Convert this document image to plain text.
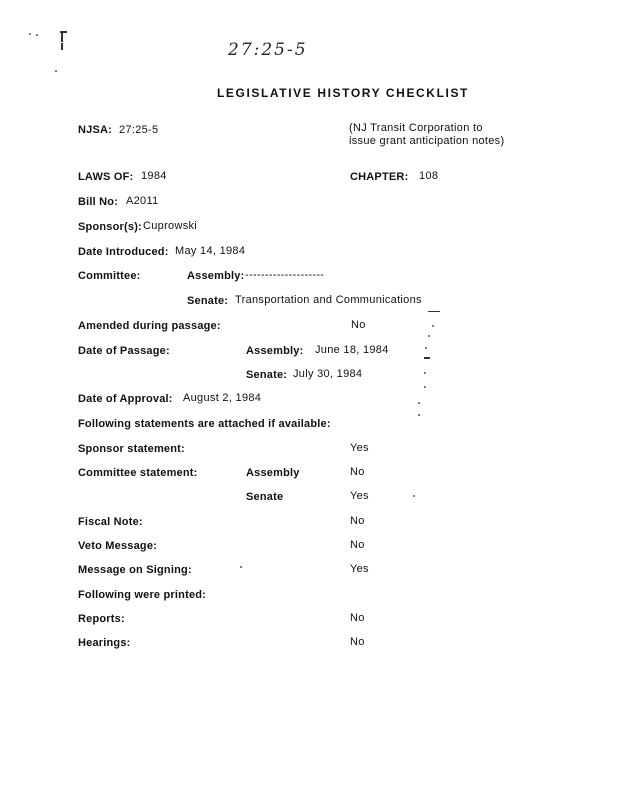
27:25-5
LEGISLATIVE HISTORY CHECKLIST
NJSA: 27:25-5	(NJ Transit Corporation to
issue grant anticipation notes)
LAWS OF: 1984	CHAPTER: 108
Bill No: A2011
Sponsor(s): Cuprowski
Date Introduced: May 14, 1984
Committee:	Assembly: --------------------
Senate: Transportation and Communications
Amended during passage:	No
Date of Passage:	Assembly: June 18, 1984
Senate: July 30, 1984
Date of Approval: August 2, 1984
Following statements are attached if available:
Sponsor statement:	Yes
Committee statement:	Assembly	No
Senate	Yes
Fiscal Note:	No
Veto Message:	No
Message on Signing:	Yes
Following were printed:
Reports:	No
Hearings:	No
